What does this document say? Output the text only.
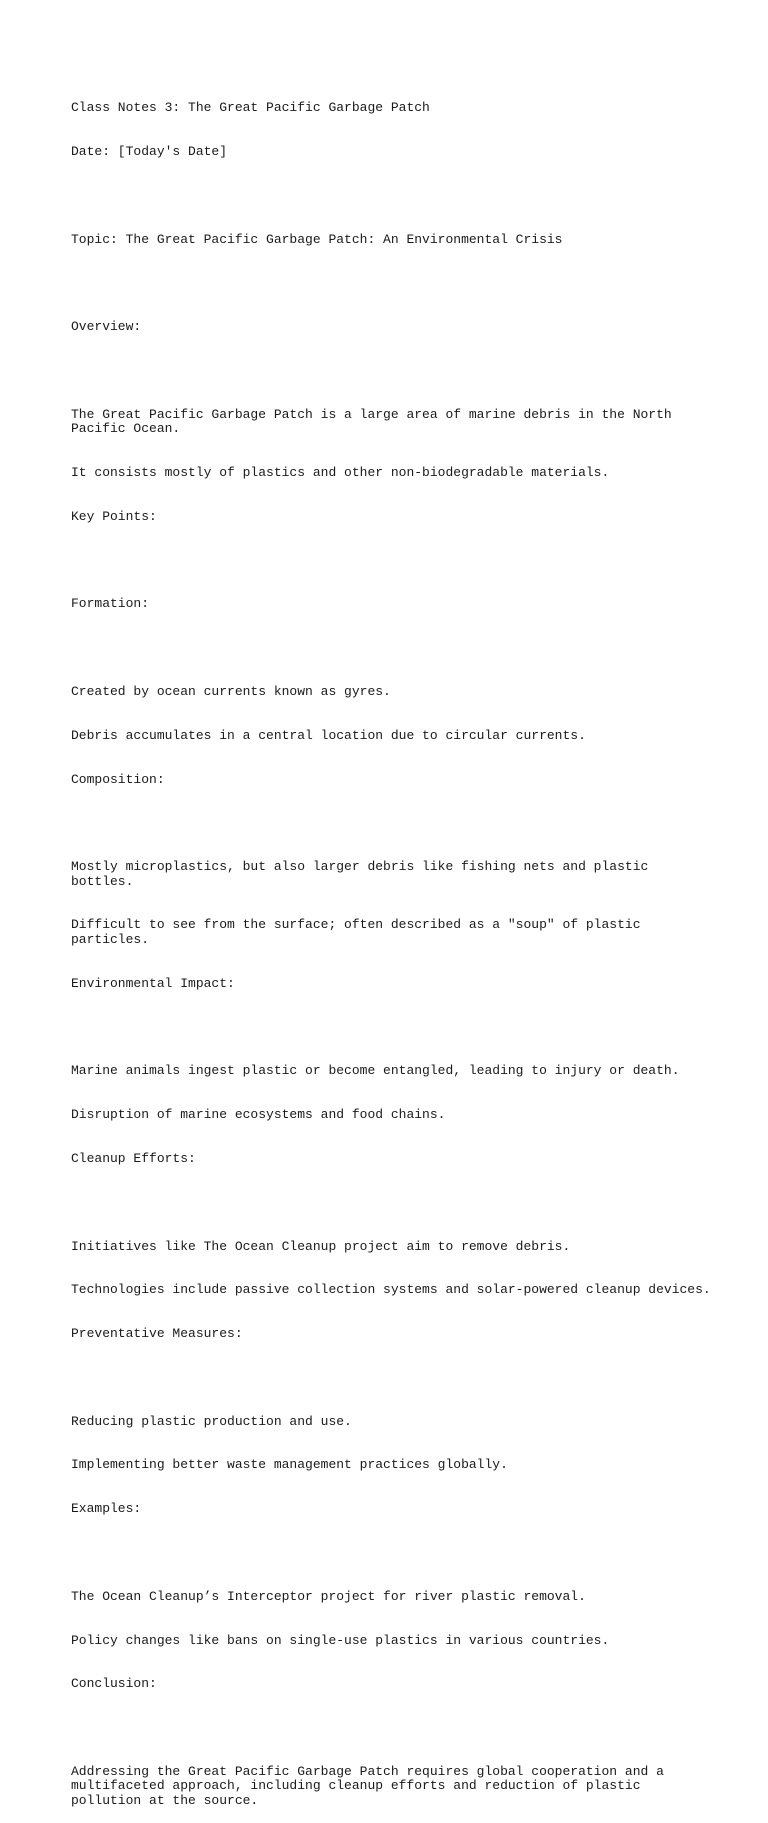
Class Notes 3: The Great Pacific Garbage Patch

Date: [Today's Date]

Topic: The Great Pacific Garbage Patch: An Environmental Crisis

Overview:

The Great Pacific Garbage Patch is a large area of marine debris in the North Pacific Ocean.

It consists mostly of plastics and other non-biodegradable materials.

Key Points:

Formation:

Created by ocean currents known as gyres.

Debris accumulates in a central location due to circular currents.

Composition:

Mostly microplastics, but also larger debris like fishing nets and plastic bottles.

Difficult to see from the surface; often described as a "soup" of plastic particles.

Environmental Impact:

Marine animals ingest plastic or become entangled, leading to injury or death.

Disruption of marine ecosystems and food chains.

Cleanup Efforts:

Initiatives like The Ocean Cleanup project aim to remove debris.

Technologies include passive collection systems and solar-powered cleanup devices.

Preventative Measures:

Reducing plastic production and use.

Implementing better waste management practices globally.

Examples:

The Ocean Cleanup’s Interceptor project for river plastic removal.

Policy changes like bans on single-use plastics in various countries.

Conclusion:

Addressing the Great Pacific Garbage Patch requires global cooperation and a multifaceted approach, including cleanup efforts and reduction of plastic pollution at the source.
